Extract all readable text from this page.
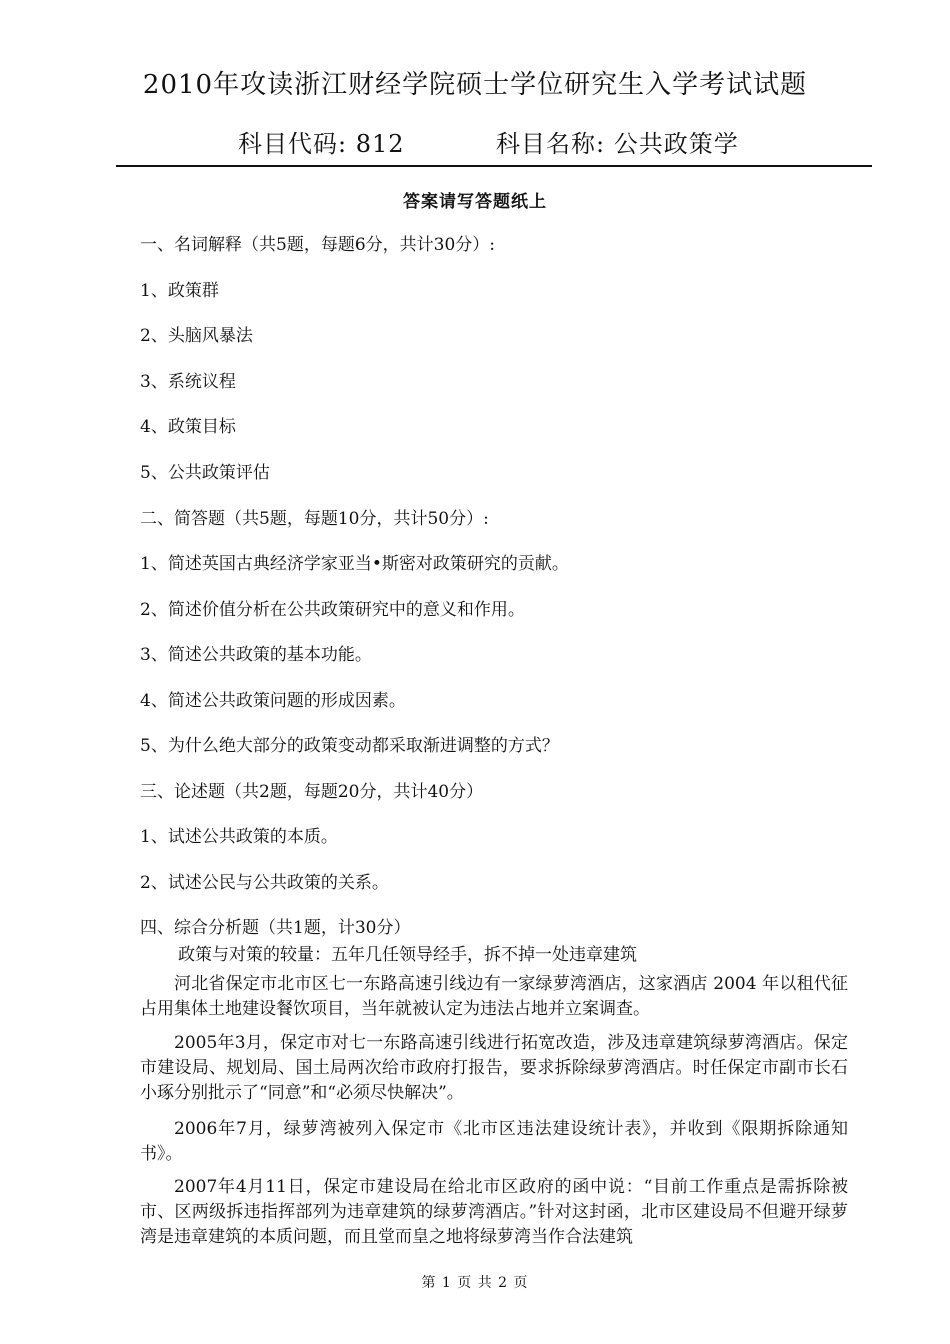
2010年攻读浙江财经学院硕士学位研究生入学考试试题
科目代码: 812	科目名称: 公共政策学
答案请写答题纸上
一、名词解释（共5题，每题6分，共计30分）:
1、政策群
2、头脑风暴法
3、系统议程
4、政策目标
5、公共政策评估
二、简答题（共5题，每题10分，共计50分）:
1、简述英国古典经济学家亚当•斯密对政策研究的贡献。
2、简述价值分析在公共政策研究中的意义和作用。
3、简述公共政策的基本功能。
4、简述公共政策问题的形成因素。
5、为什么绝大部分的政策变动都采取渐进调整的方式？
三、论述题（共2题，每题20分，共计40分）
1、试述公共政策的本质。
2、试述公民与公共政策的关系。
四、综合分析题（共1题，计30分）
政策与对策的较量：五年几任领导经手，拆不掉一处违章建筑
河北省保定市北市区七一东路高速引线边有一家绿萝湾酒店，这家酒店 2004 年以租代征占用集体土地建设餐饮项目，当年就被认定为违法占地并立案调查。
2005年3月，保定市对七一东路高速引线进行拓宽改造，涉及违章建筑绿萝湾酒店。保定市建设局、规划局、国土局两次给市政府打报告，要求拆除绿萝湾酒店。时任保定市副市长石小琢分别批示了“同意”和“必须尽快解决”。
2006年7月，绿萝湾被列入保定市《北市区违法建设统计表》，并收到《限期拆除通知书》。
2007年4月11日，保定市建设局在给北市区政府的函中说：“目前工作重点是需拆除被市、区两级拆违指挥部列为违章建筑的绿萝湾酒店。”针对这封函，北市区建设局不但避开绿萝湾是违章建筑的本质问题，而且堂而皇之地将绿萝湾当作合法建筑
第 1 页 共 2 页
